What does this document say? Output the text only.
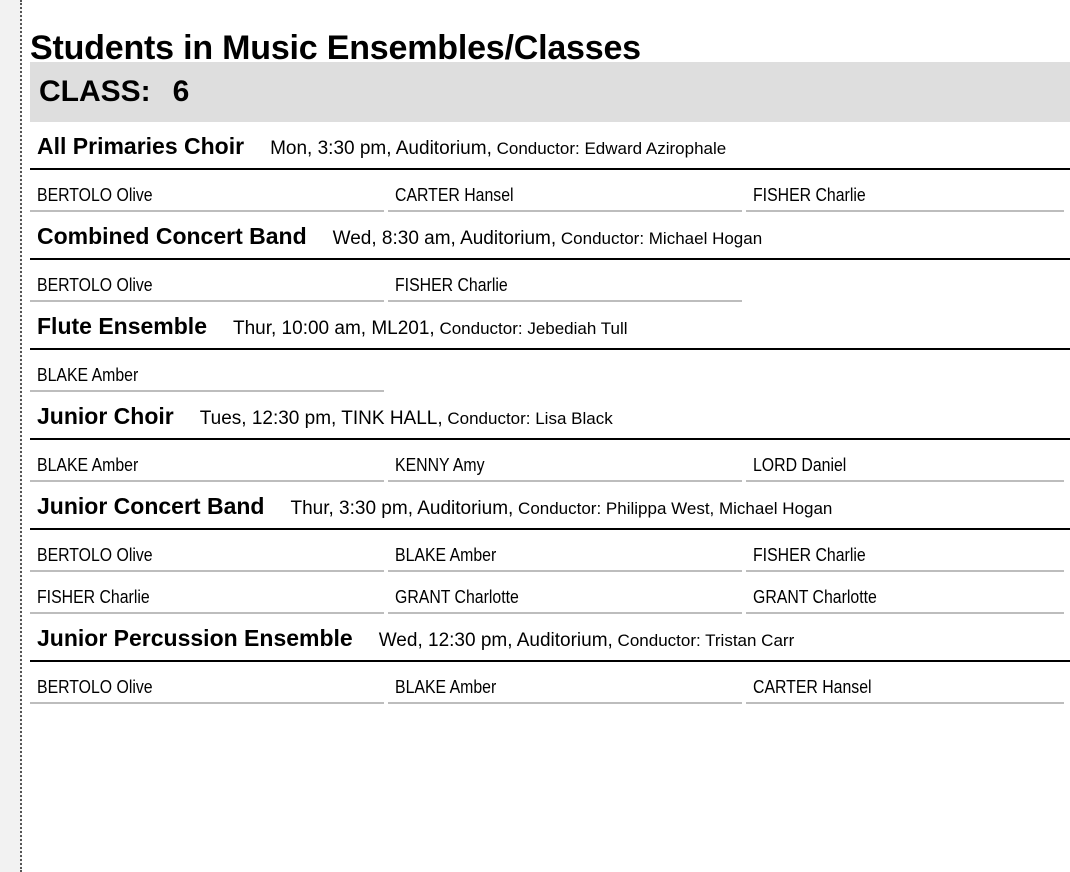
Students in Music Ensembles/Classes
CLASS: 6
All Primaries Choir Mon, 3:30 pm, Auditorium, Conductor: Edward Azirophale
BERTOLO Olive	CARTER Hansel	FISHER Charlie
Combined Concert Band Wed, 8:30 am, Auditorium, Conductor: Michael Hogan
BERTOLO Olive	FISHER Charlie
Flute Ensemble Thur, 10:00 am, ML201, Conductor: Jebediah Tull
BLAKE Amber
Junior Choir Tues, 12:30 pm, TINK HALL, Conductor: Lisa Black
BLAKE Amber	KENNY Amy	LORD Daniel
Junior Concert Band Thur, 3:30 pm, Auditorium, Conductor: Philippa West, Michael Hogan
BERTOLO Olive	BLAKE Amber	FISHER Charlie
FISHER Charlie	GRANT Charlotte	GRANT Charlotte
Junior Percussion Ensemble Wed, 12:30 pm, Auditorium, Conductor: Tristan Carr
BERTOLO Olive	BLAKE Amber	CARTER Hansel
